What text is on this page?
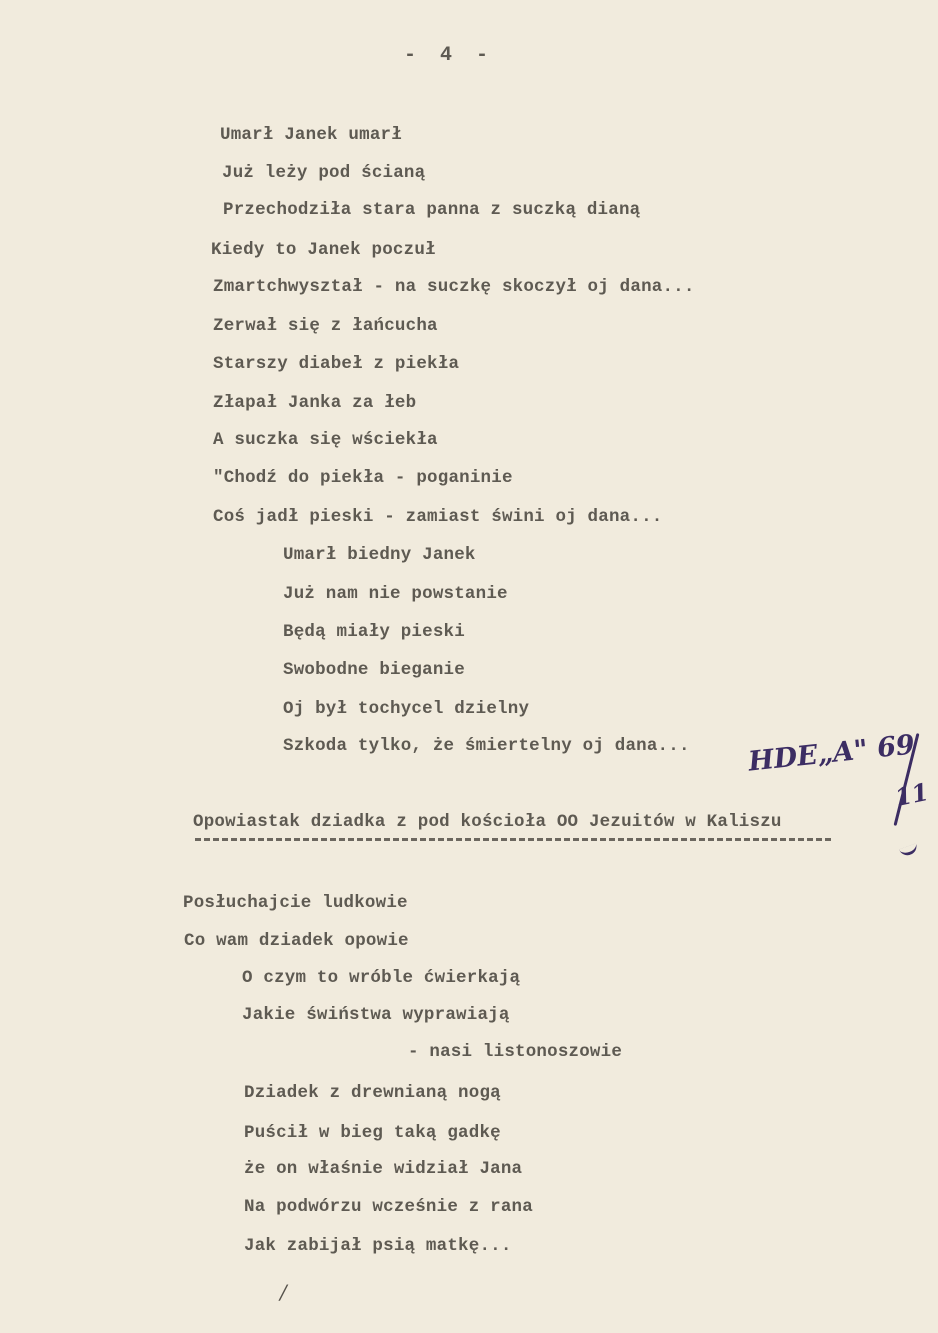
- 4 -
Umarł Janek umarł
Już leży pod ścianą
Przechodziła stara panna z suczką dianą
Kiedy to Janek poczuł
Zmartchwyształ - na suczkę skoczył oj dana...
Zerwał się z łańcucha
Starszy diabeł z piekła
Złapał Janka za łeb
A suczka się wściekła
"Chodź do piekła - poganinie
Coś jadł pieski - zamiast świni oj dana...
Umarł biedny Janek
Już nam nie powstanie
Będą miały pieski
Swobodne bieganie
Oj był tochycel dzielny
Szkoda tylko, że śmiertelny oj dana... HDE„A" 69
11
Opowiastak dziadka z pod kościoła OO Jezuitów w Kaliszu
Posłuchajcie ludkowie
Co wam dziadek opowie
O czym to wróble ćwierkają
Jakie świństwa wyprawiają
- nasi listonoszowie
Dziadek z drewnianą nogą
Puścił w bieg taką gadkę
że on właśnie widział Jana
Na podwórzu wcześnie z rana
Jak zabijał psią matkę...
/
